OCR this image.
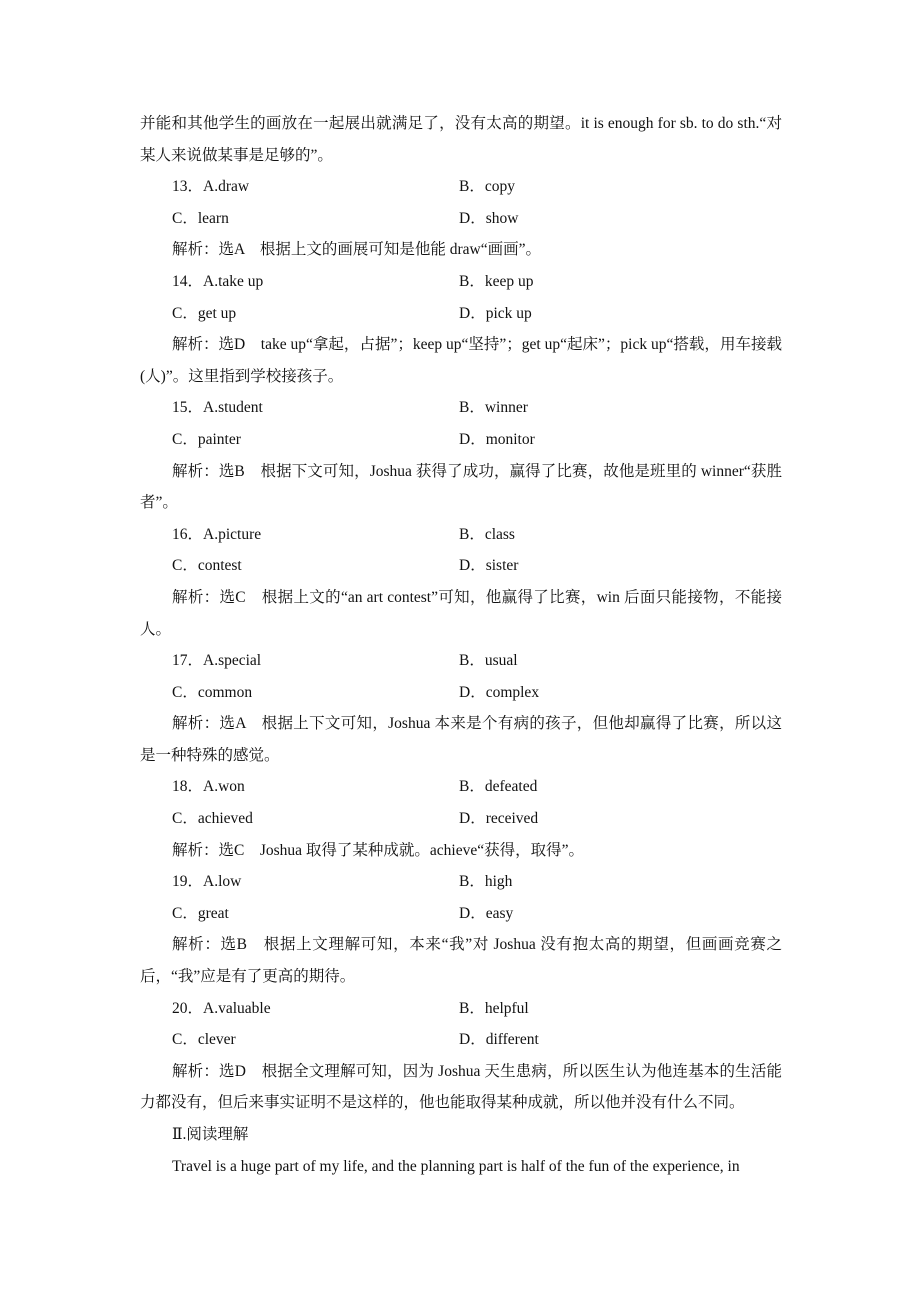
并能和其他学生的画放在一起展出就满足了，没有太高的期望。it is enough for sb. to do sth.“对某人来说做某事是足够的”。

13．A.draw	B．copy
C．learn	D．show

解析：选A　根据上文的画展可知是他能 draw“画画”。

14．A.take up	B．keep up
C．get up	D．pick up

解析：选D　take up“拿起，占据”；keep up“坚持”；get up“起床”；pick up“搭载，用车接载(人)”。这里指到学校接孩子。

15．A.student	B．winner
C．painter	D．monitor

解析：选B　根据下文可知，Joshua 获得了成功，赢得了比赛，故他是班里的 winner“获胜者”。

16．A.picture	B．class
C．contest	D．sister

解析：选C　根据上文的“an art contest”可知，他赢得了比赛，win 后面只能接物，不能接人。

17．A.special	B．usual
C．common	D．complex

解析：选A　根据上下文可知，Joshua 本来是个有病的孩子，但他却赢得了比赛，所以这是一种特殊的感觉。

18．A.won	B．defeated
C．achieved	D．received

解析：选C　Joshua 取得了某种成就。achieve“获得，取得”。

19．A.low	B．high
C．great	D．easy

解析：选B　根据上文理解可知，本来“我”对 Joshua 没有抱太高的期望，但画画竞赛之后，“我”应是有了更高的期待。

20．A.valuable	B．helpful
C．clever	D．different

解析：选D　根据全文理解可知，因为 Joshua 天生患病，所以医生认为他连基本的生活能力都没有，但后来事实证明不是这样的，他也能取得某种成就，所以他并没有什么不同。

Ⅱ.阅读理解

Travel is a huge part of my life, and the planning part is half of the fun of the experience, in
